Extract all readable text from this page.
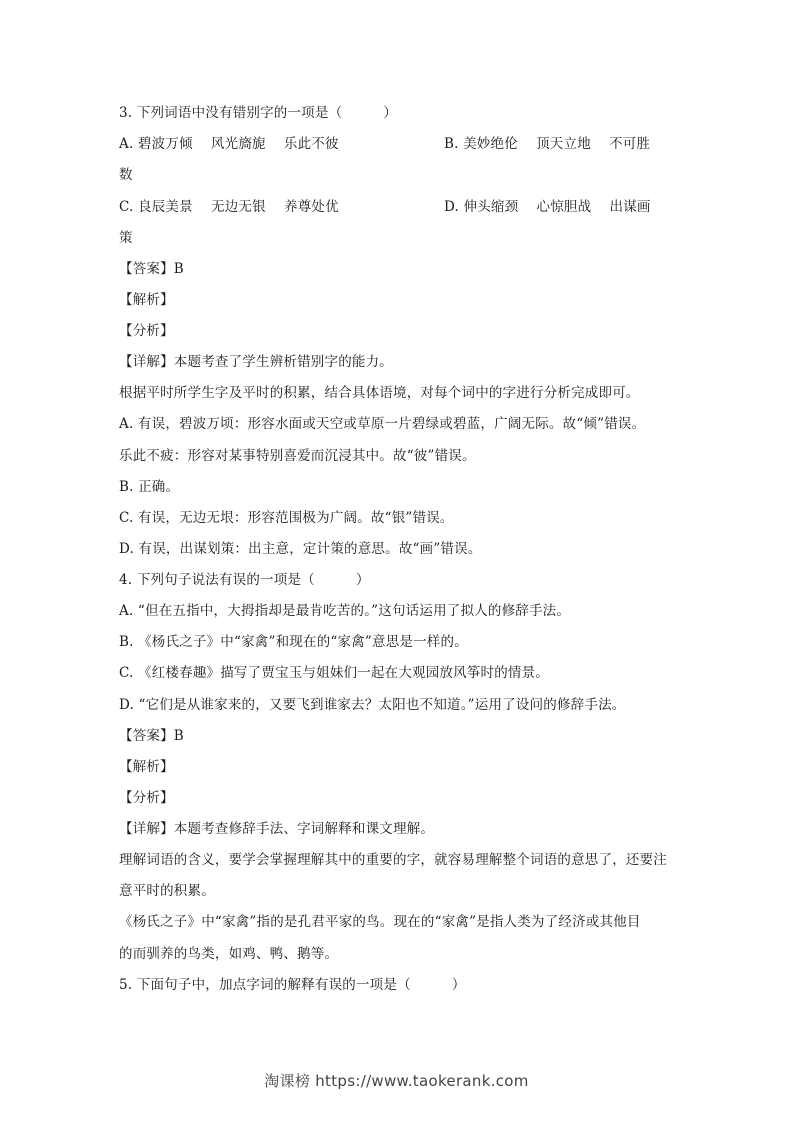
3. 下列词语中没有错别字的一项是（　　　）
A. 碧波万倾　 风光旖旎　 乐此不彼	B. 美妙绝伦　 顶天立地　 不可胜
数
C. 良辰美景　 无边无银　 养尊处优	D. 伸头缩颈　 心惊胆战　 出谋画
策
【答案】B
【解析】
【分析】
【详解】本题考查了学生辨析错别字的能力。
根据平时所学生字及平时的积累，结合具体语境，对每个词中的字进行分析完成即可。
A. 有误，碧波万顷：形容水面或天空或草原一片碧绿或碧蓝，广阔无际。故“倾”错误。
乐此不疲：形容对某事特别喜爱而沉浸其中。故“彼”错误。
B. 正确。
C. 有误，无边无垠：形容范围极为广阔。故“银”错误。
D. 有误，出谋划策：出主意，定计策的意思。故“画”错误。
4. 下列句子说法有误的一项是（　　　）
A. “但在五指中，大拇指却是最肯吃苦的。”这句话运用了拟人的修辞手法。
B. 《杨氏之子》中“家禽”和现在的“家禽”意思是一样的。
C. 《红楼春趣》描写了贾宝玉与姐妹们一起在大观园放风筝时的情景。
D. “它们是从谁家来的，又要飞到谁家去？太阳也不知道。”运用了设问的修辞手法。
【答案】B
【解析】
【分析】
【详解】本题考查修辞手法、字词解释和课文理解。
理解词语的含义，要学会掌握理解其中的重要的字，就容易理解整个词语的意思了，还要注
意平时的积累。
《杨氏之子》中“家禽”指的是孔君平家的鸟。现在的“家禽”是指人类为了经济或其他目
的而驯养的鸟类，如鸡、鸭、鹅等。
5. 下面句子中，加点字词的解释有误的一项是（　　　）
淘课榜 https://www.taokerank.com
